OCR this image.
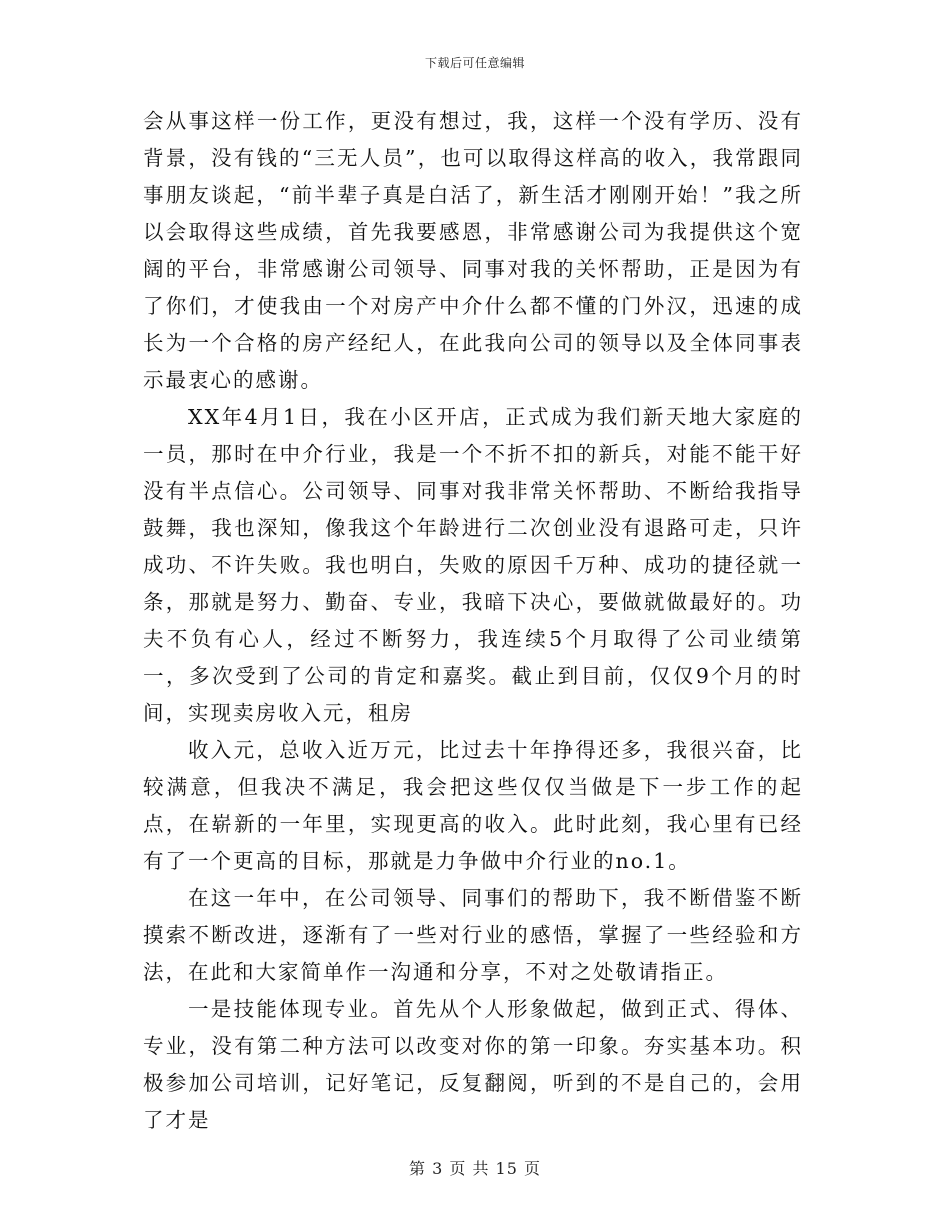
下载后可任意编辑

会从事这样一份工作，更没有想过，我，这样一个没有学历、没有背景，没有钱的“三无人员”，也可以取得这样高的收入，我常跟同事朋友谈起，“前半辈子真是白活了，新生活才刚刚开始！”我之所以会取得这些成绩，首先我要感恩，非常感谢公司为我提供这个宽阔的平台，非常感谢公司领导、同事对我的关怀帮助，正是因为有了你们，才使我由一个对房产中介什么都不懂的门外汉，迅速的成长为一个合格的房产经纪人，在此我向公司的领导以及全体同事表示最衷心的感谢。

XX年4月1日，我在小区开店，正式成为我们新天地大家庭的一员，那时在中介行业，我是一个不折不扣的新兵，对能不能干好没有半点信心。公司领导、同事对我非常关怀帮助、不断给我指导鼓舞，我也深知，像我这个年龄进行二次创业没有退路可走，只许成功、不许失败。我也明白，失败的原因千万种、成功的捷径就一条，那就是努力、勤奋、专业，我暗下决心，要做就做最好的。功夫不负有心人，经过不断努力，我连续5个月取得了公司业绩第一，多次受到了公司的肯定和嘉奖。截止到目前，仅仅9个月的时间，实现卖房收入元，租房

收入元，总收入近万元，比过去十年挣得还多，我很兴奋，比较满意，但我决不满足，我会把这些仅仅当做是下一步工作的起点，在崭新的一年里，实现更高的收入。此时此刻，我心里有已经有了一个更高的目标，那就是力争做中介行业的no.1。

在这一年中，在公司领导、同事们的帮助下，我不断借鉴不断摸索不断改进，逐渐有了一些对行业的感悟，掌握了一些经验和方法，在此和大家简单作一沟通和分享，不对之处敬请指正。

一是技能体现专业。首先从个人形象做起，做到正式、得体、专业，没有第二种方法可以改变对你的第一印象。夯实基本功。积极参加公司培训，记好笔记，反复翻阅，听到的不是自己的，会用了才是

第 3 页 共 15 页
